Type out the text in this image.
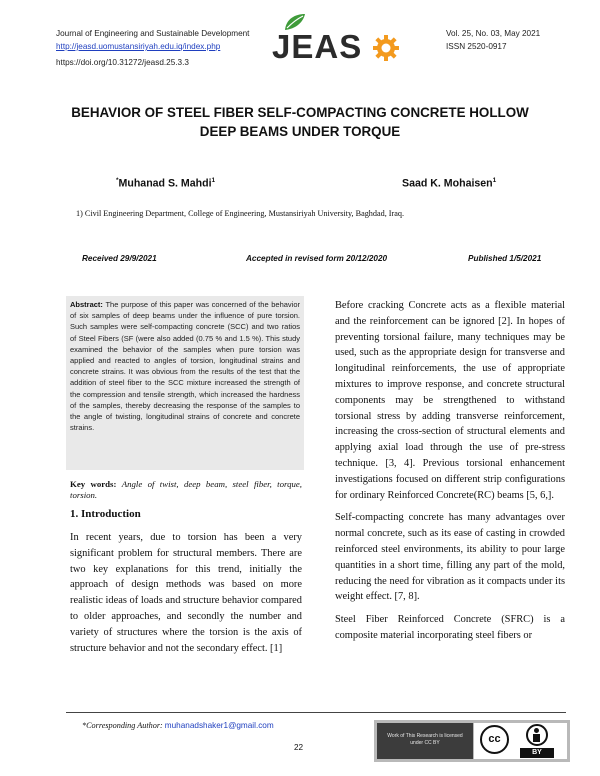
Journal of Engineering and Sustainable Development
http://jeasd.uomustansiriyah.edu.iq/index.php
https://doi.org/10.31272/jeasd.25.3.3	JEAS	Vol. 25, No. 03, May 2021
ISSN 2520-0917
BEHAVIOR OF STEEL FIBER SELF-COMPACTING CONCRETE HOLLOW
DEEP BEAMS UNDER TORQUE
*Muhanad S. Mahdi$^1$	Saad K. Mohaisen$^1$
1) Civil Engineering Department, College of Engineering, Mustansiriyah University, Baghdad, Iraq.
Received 29/9/2021	Accepted in revised form 20/12/2020	Published 1/5/2021
Abstract: The purpose of this paper was concerned of the behavior of six samples of deep beams under the influence of pure torsion. Such samples were self-compacting concrete (SCC) and two ratios of Steel Fibers (SF (were also added (0.75 % and 1.5 %). This study examined the behavior of the samples when pure torsion was applied and reacted to angles of torsion, longitudinal strains and concrete strains. It was obvious from the results of the test that the addition of steel fiber to the SCC mixture increased the strength of the compression and tensile strength, which increased the hardness of the samples, thereby decreasing the response of the samples to the angle of twisting, longitudinal strains of concrete and concrete strains.
Key words: Angle of twist, deep beam, steel fiber, torque, torsion.
1. Introduction

In recent years, due to torsion has been a very significant problem for structural members. There are two key explanations for this trend, initially the approach of design methods was based on more realistic ideas of loads and structure behavior compared to older approaches, and secondly the number and variety of structures where the torsion is the axis of structure behavior and not the secondary effect. [1]

Before cracking Concrete acts as a flexible material and the reinforcement can be ignored [2]. In hopes of preventing torsional failure, many techniques may be used, such as the appropriate design for transverse and longitudinal reinforcements, the use of appropriate mixtures to improve response, and concrete structural components may be strengthened to withstand torsional stress by adding transverse reinforcement, increasing the cross-section of structural elements and applying axial load through the use of pre-stress technique. [3, 4]. Previous torsional enhancement investigations focused on different strip configurations for ordinary Reinforced Concrete(RC) beams [5, 6,].

Self-compacting concrete has many advantages over normal concrete, such as its ease of casting in crowded reinforced steel environments, its ability to pour large quantities in a short time, filling any part of the mold, reducing the need for vibration as it compacts under its weight effect. [7, 8].

Steel Fiber Reinforced Concrete (SFRC) is a composite material incorporating steel fibers or

*Corresponding Author: muhanadshaker1@gmail.com
22
Work of This Research is licensed under CC BY	cc
BY
